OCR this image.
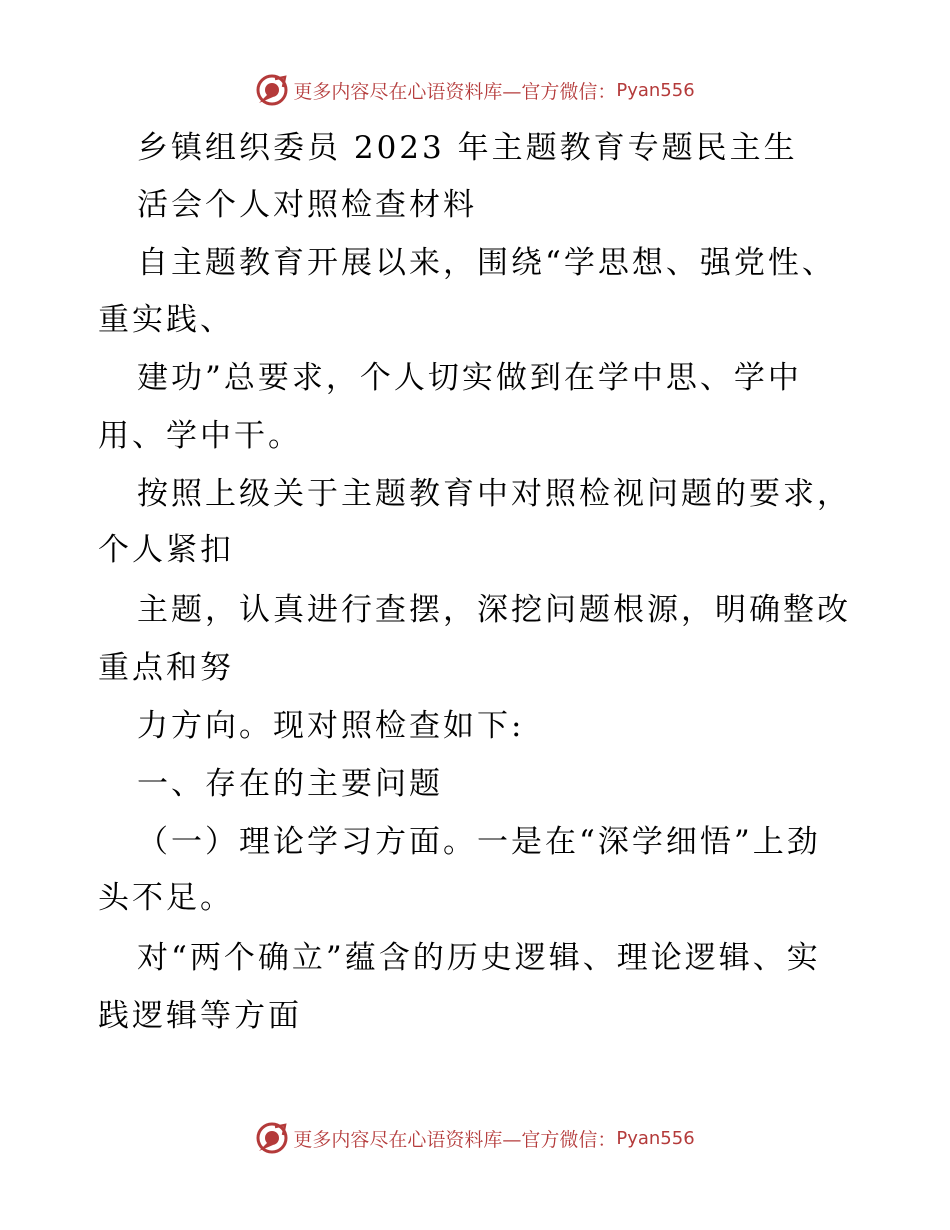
更多内容尽在心语资料库—官方微信： Pyan556
乡镇组织委员 2023 年主题教育专题民主生
活会个人对照检查材料
自主题教育开展以来，围绕“学思想、强党性、
重实践、
建功”总要求，个人切实做到在学中思、学中
用、学中干。
按照上级关于主题教育中对照检视问题的要求，
个人紧扣
主题，认真进行查摆，深挖问题根源，明确整改
重点和努
力方向。现对照检查如下:
一、存在的主要问题
（一）理论学习方面。一是在“深学细悟”上劲
头不足。
对“两个确立”蕴含的历史逻辑、理论逻辑、实
践逻辑等方面
更多内容尽在心语资料库—官方微信： Pyan556
